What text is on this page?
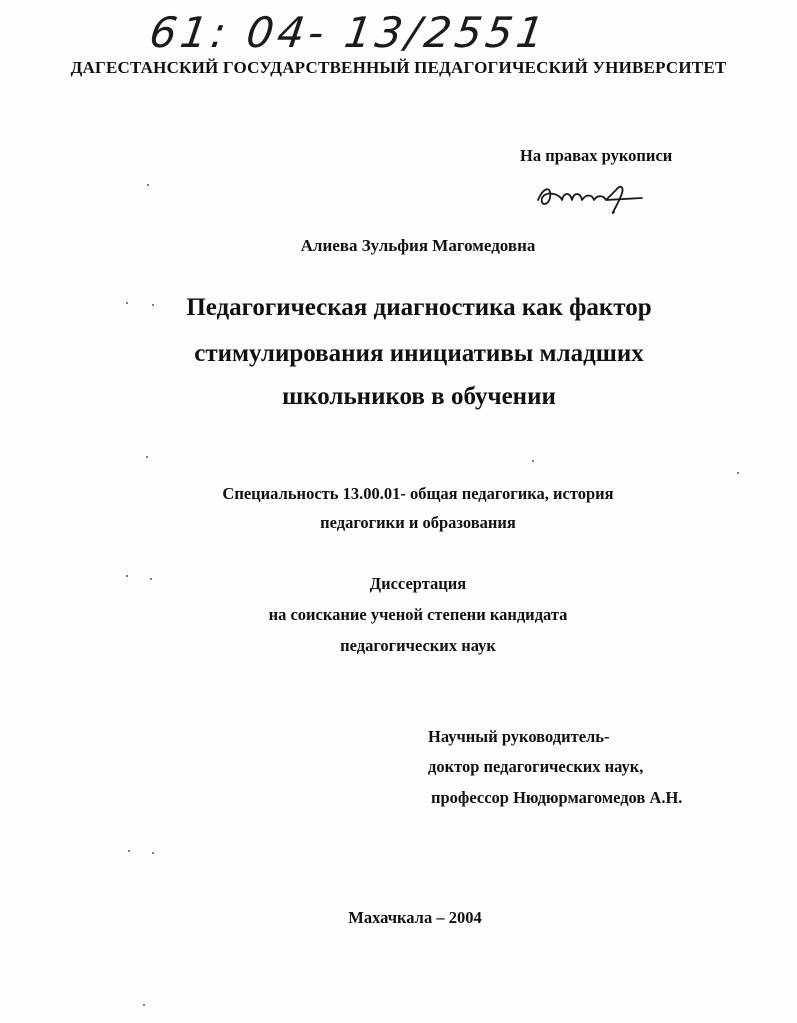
61: 04- 13/2551
ДАГЕСТАНСКИЙ ГОСУДАРСТВЕННЫЙ ПЕДАГОГИЧЕСКИЙ УНИВЕРСИТЕТ
На правах рукописи
Алиева Зульфия Магомедовна
Педагогическая диагностика как фактор
стимулирования инициативы младших
школьников в обучении
Специальность 13.00.01- общая педагогика, история
педагогики и образования
Диссертация
на соискание ученой степени кандидата
педагогических наук
Научный руководитель-
доктор педагогических наук,
профессор Нюдюрмагомедов А.Н.
Махачкала – 2004
